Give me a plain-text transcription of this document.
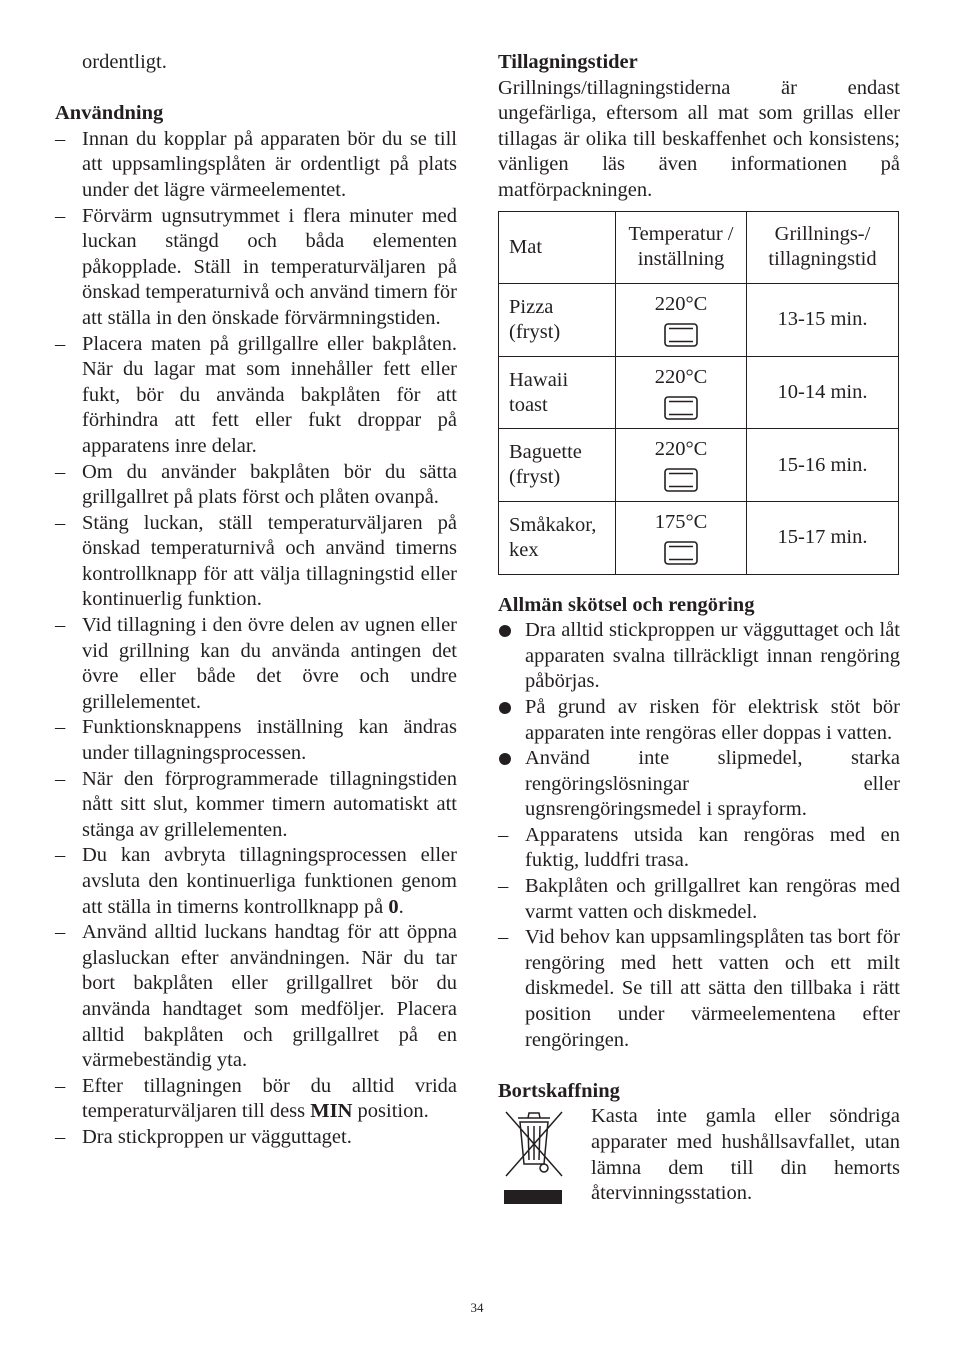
ordentligt.

Användning

– Innan du kopplar på apparaten bör du se till att uppsamlingsplåten är ordentligt på plats under det lägre värmeelementet.
– Förvärm ugnsutrymmet i flera minuter med luckan stängd och båda elementen påkopplade. Ställ in temperaturväljaren på önskad temperaturnivå och använd timern för att ställa in den önskade förvärmningstiden.
– Placera maten på grillgallre eller bakplåten. När du lagar mat som innehåller fett eller fukt, bör du använda bakplåten för att förhindra att fett eller fukt droppar på apparatens inre delar.
– Om du använder bakplåten bör du sätta grillgallret på plats först och plåten ovanpå.
– Stäng luckan, ställ temperaturväljaren på önskad temperaturnivå och använd timerns kontrollknapp för att välja tillagningstid eller kontinuerlig funktion.
– Vid tillagning i den övre delen av ugnen eller vid grillning kan du använda antingen det övre eller både det övre och undre grillelementet.
– Funktionsknappens inställning kan ändras under tillagningsprocessen.
– När den förprogrammerade tillagningstiden nått sitt slut, kommer timern automatiskt att stänga av grillelementen.
– Du kan avbryta tillagningsprocessen eller avsluta den kontinuerliga funktionen genom att ställa in timerns kontrollknapp på 0.
– Använd alltid luckans handtag för att öppna glasluckan efter användningen. När du tar bort bakplåten eller grillgallret bör du använda handtaget som medföljer. Placera alltid bakplåten och grillgallret på en värmebeständig yta.
– Efter tillagningen bör du alltid vrida temperaturväljaren till dess MIN position.
– Dra stickproppen ur vägguttaget.

Tillagningstider

Grillnings/tillagningstiderna är endast ungefärliga, eftersom all mat som grillas eller tillagas är olika till beskaffenhet och konsistens; vänligen läs även informationen på matförpackningen.

Mat	Temperatur / inställning	Grillnings-/ tillagningstid
Pizza (fryst)	220°C	13-15 min.
Hawaii toast	220°C	10-14 min.
Baguette (fryst)	220°C	15-16 min.
Småkakor, kex	175°C	15-17 min.

Allmän skötsel och rengöring

Dra alltid stickproppen ur vägguttaget och låt apparaten svalna tillräckligt innan rengöring påbörjas.
På grund av risken för elektrisk stöt bör apparaten inte rengöras eller doppas i vatten.
Använd inte slipmedel, starka rengöringslösningar eller ugnsrengöringsmedel i sprayform.
– Apparatens utsida kan rengöras med en fuktig, luddfri trasa.
– Bakplåten och grillgallret kan rengöras med varmt vatten och diskmedel.
– Vid behov kan uppsamlingsplåten tas bort för rengöring med hett vatten och ett milt diskmedel. Se till att sätta den tillbaka i rätt position under värmeelementena efter rengöringen.

Bortskaffning

Kasta inte gamla eller söndriga apparater med hushållsavfallet, utan lämna dem till din hemorts återvinningsstation.

34
